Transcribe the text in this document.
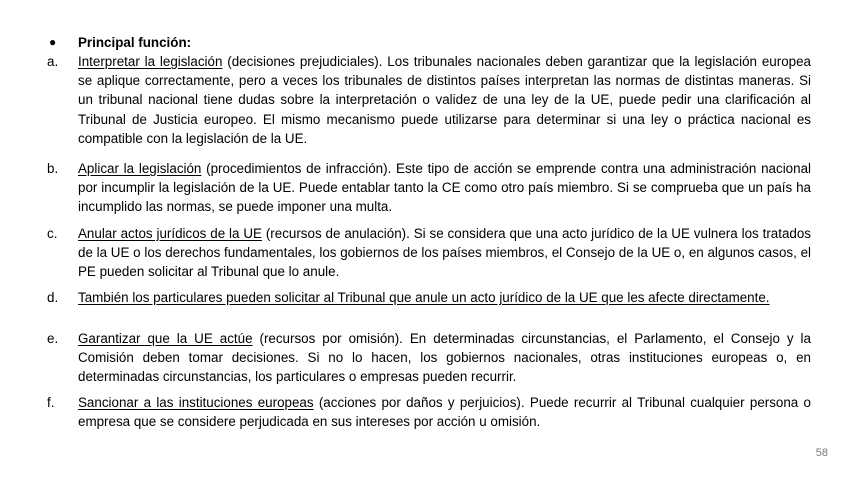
●	Principal función:
a.	Interpretar la legislación (decisiones prejudiciales). Los tribunales nacionales deben garantizar que la legislación europea se aplique correctamente, pero a veces los tribunales de distintos países interpretan las normas de distintas maneras. Si un tribunal nacional tiene dudas sobre la interpretación o validez de una ley de la UE, puede pedir una clarificación al Tribunal de Justicia europeo. El mismo mecanismo puede utilizarse para determinar si una ley o práctica nacional es compatible con la legislación de la UE.
b.	Aplicar la legislación (procedimientos de infracción). Este tipo de acción se emprende contra una administración nacional por incumplir la legislación de la UE. Puede entablar tanto la CE como otro país miembro. Si se comprueba que un país ha incumplido las normas, se puede imponer una multa.
c.	Anular actos jurídicos de la UE (recursos de anulación). Si se considera que una acto jurídico de la UE vulnera los tratados de la UE o los derechos fundamentales, los gobiernos de los países miembros, el Consejo de la UE o, en algunos casos, el PE pueden solicitar al Tribunal que lo anule.
d.	También los particulares pueden solicitar al Tribunal que anule un acto jurídico de la UE que les afecte directamente.
e.	Garantizar que la UE actúe (recursos por omisión). En determinadas circunstancias, el Parlamento, el Consejo y la Comisión deben tomar decisiones. Si no lo hacen, los gobiernos nacionales, otras instituciones europeas o, en determinadas circunstancias, los particulares o empresas pueden recurrir.
f.	Sancionar a las instituciones europeas (acciones por daños y perjuicios). Puede recurrir al Tribunal cualquier persona o empresa que se considere perjudicada en sus intereses por acción u omisión.
58
